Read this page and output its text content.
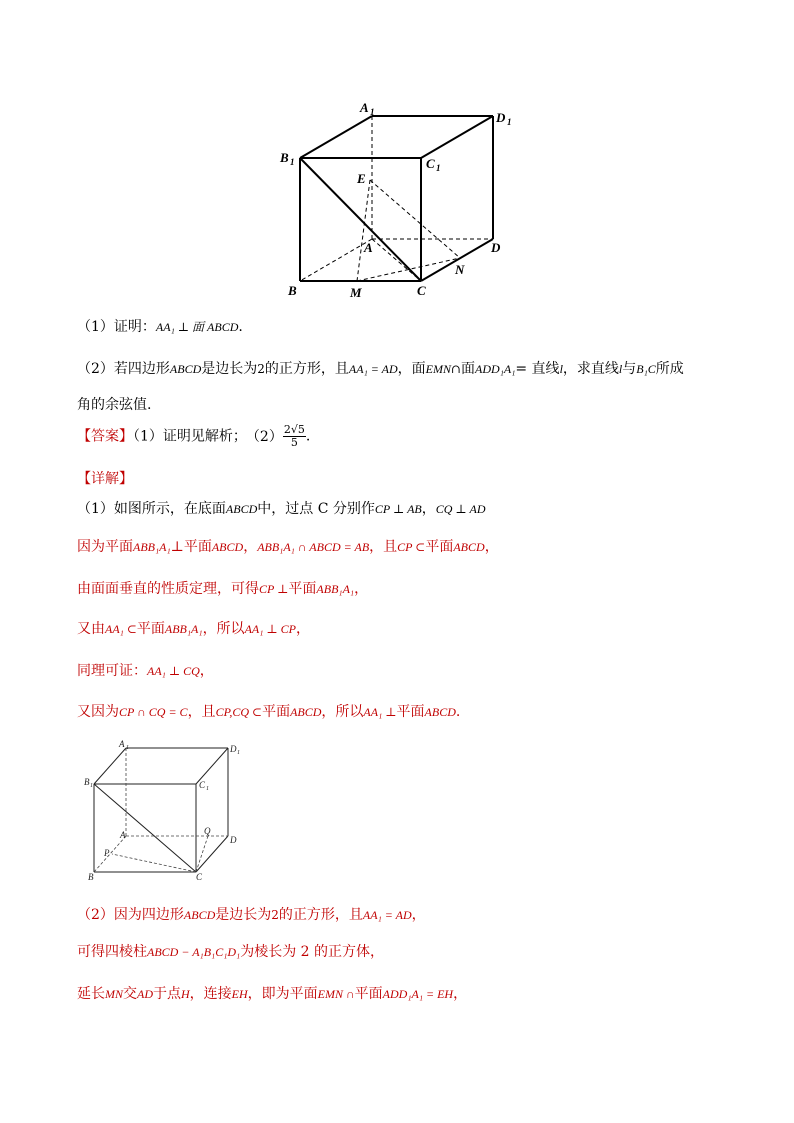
A 1	D 1
B 1	C 1
E
A	D
N
B	M	C
（1）证明：AA₁ ⊥ 面 ABCD.
（2）若四边形ABCD是边长为2的正方形，且AA₁ = AD，面EMN∩面ADD₁A₁= 直线l，求直线l与B₁C所成
角的余弦值.
【答案】（1）证明见解析； $(2) \frac{2√5}{5}$ .
【详解】
（1）如图所示，在底面ABCD中，过点 C 分别作CP ⊥ AB，CQ ⊥ AD
因为平面ABB₁A₁⊥平面ABCD，ABB₁A₁ ∩ ABCD = AB，且CP ⊂平面ABCD，
由面面垂直的性质定理，可得CP ⊥平面ABB₁A₁，
又由AA₁ ⊂平面ABB₁A₁，所以AA₁ ⊥ CP，
同理可证：AA₁ ⊥ CQ，
又因为CP ∩ CQ = C，且CP,CQ ⊂平面ABCD，所以AA₁ ⊥平面ABCD.
A 1	D 1
B 1	C 1
A	Q
D
P
B	C
（2）因为四边形ABCD是边长为2的正方形，且AA₁ = AD，
可得四棱柱ABCD − A₁B₁C₁D₁为棱长为 2 的正方体，
延长MN交AD于点H，连接EH，即为平面EMN ∩平面ADD₁A₁ = EH，
